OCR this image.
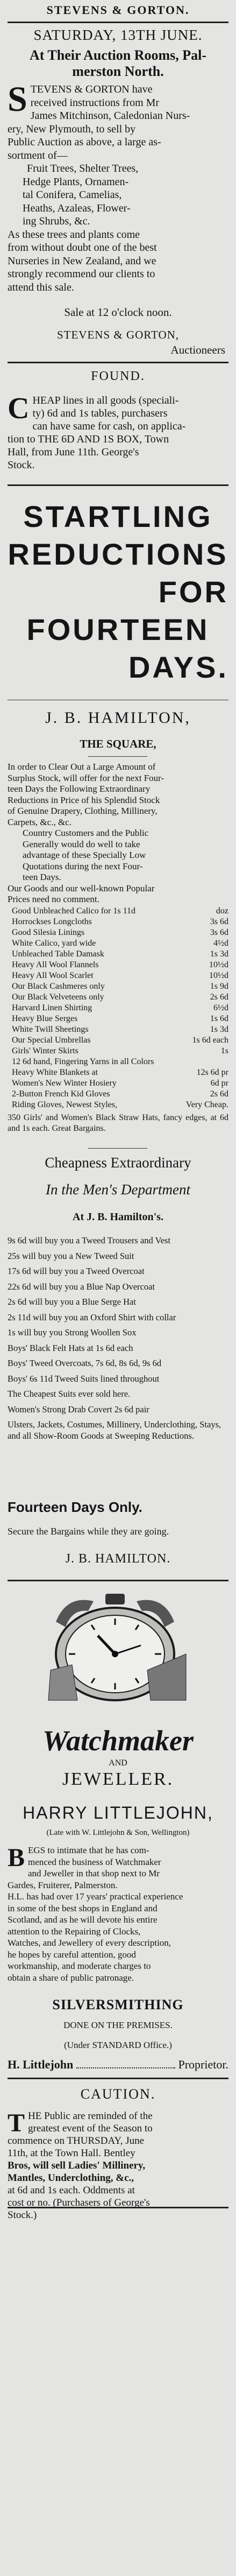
STEVENS & GORTON.
SATURDAY, 13TH JUNE.
At Their Auction Rooms, Pal-
merston North.
S TEVENS & GORTON have
received instructions from Mr
James Mitchinson, Caledonian Nurs-
ery, New Plymouth, to sell by
Public Auction as above, a large as-
sortment of—
Fruit Trees, Shelter Trees,
Hedge Plants, Ornamen-
tal Conifera, Camelias,
Heaths, Azaleas, Flower-
ing Shrubs, &c.
As these trees and plants come
from without doubt one of the best
Nurseries in New Zealand, and we
strongly recommend our clients to
attend this sale.
Sale at 12 o'clock noon.
STEVENS & GORTON,
Auctioneers
FOUND.
C HEAP lines in all goods (speciali-
ty) 6d and 1s tables, purchasers
can have same for cash, on applica-
tion to THE 6D AND 1S BOX, Town
Hall, from June 11th. George's
Stock.
STARTLING
REDUCTIONS
FOR
FOURTEEN
DAYS.
J. B. HAMILTON,
THE SQUARE,
In order to Clear Out a Large Amount of
Surplus Stock, will offer for the next Four-
teen Days the Following Extraordinary
Reductions in Price of his Splendid Stock
of Genuine Drapery, Clothing, Millinery,
Carpets, &c., &c.
Country Customers and the Public
Generally would do well to take
advantage of these Specially Low
Quotations during the next Four-
teen Days.
Our Goods and our well-known Popular
Prices need no comment.
Good Unbleached Calico for 1s 11d	doz
Horrockses Longcloths	3s 6d
Good Silesia Linings	3s 6d
White Calico, yard wide	4½d
Unbleached Table Damask	1s 3d
Heavy All Wool Flannels	10½d
Heavy All Wool Scarlet	10½d
Our Black Cashmeres only	1s 9d
Our Black Velveteens only	2s 6d
Harvard Linen Shirting	6½d
Heavy Blue Serges	1s 6d
White Twill Sheetings	1s 3d
Our Special Umbrellas	1s 6d each
Girls' Winter Skirts	1s
12 6d hand, Fingering Yarns in all Colors
Heavy White Blankets at	12s 6d pr
Women's New Winter Hosiery	6d pr
2-Button French Kid Gloves	2s 6d
Riding Gloves, Newest Styles,	Very Cheap.
350 Girls' and Women's Black Straw Hats, fancy edges, at 6d and 1s each. Great Bargains.
Cheapness Extraordinary
In the Men's Department
At J. B. Hamilton's.
9s 6d will buy you a Tweed Trousers and Vest
25s will buy you a New Tweed Suit
17s 6d will buy you a Tweed Overcoat
22s 6d will buy you a Blue Nap Overcoat
2s 6d will buy you a Blue Serge Hat
2s 11d will buy you an Oxford Shirt with collar
1s will buy you Strong Woollen Sox
Boys' Black Felt Hats at 1s 6d each
Boys' Tweed Overcoats, 7s 6d, 8s 6d, 9s 6d
Boys' 6s 11d Tweed Suits lined throughout
The Cheapest Suits ever sold here.
Women's Strong Drab Covert 2s 6d pair
Ulsters, Jackets, Costumes, Millinery, Underclothing, Stays, and all Show-Room Goods at Sweeping Reductions.
Fourteen Days Only.
Secure the Bargains while they are going.
J. B. HAMILTON.
Watchmaker
AND
JEWELLER.
HARRY LITTLEJOHN,
(Late with W. Littlejohn & Son, Wellington)
B EGS to intimate that he has com-
menced the business of Watchmaker
and Jeweller in that shop next to Mr
Gardes, Fruiterer, Palmerston.
H.L. has had over 17 years' practical experience
in some of the best shops in England and
Scotland, and as he will devote his entire
attention to the Repairing of Clocks,
Watches, and Jewellery of every description,
he hopes by careful attention, good
workmanship, and moderate charges to
obtain a share of public patronage.
SILVERSMITHING
DONE ON THE PREMISES.
(Under STANDARD Office.)
H. Littlejohn	Proprietor.
CAUTION.
T HE Public are reminded of the
greatest event of the Season to
commence on THURSDAY, June
11th, at the Town Hall. Bentley
Bros, will sell Ladies' Millinery,
Mantles, Underclothing, &c.,
at 6d and 1s each. Oddments at
cost or no. (Purchasers of George's
Stock.)
